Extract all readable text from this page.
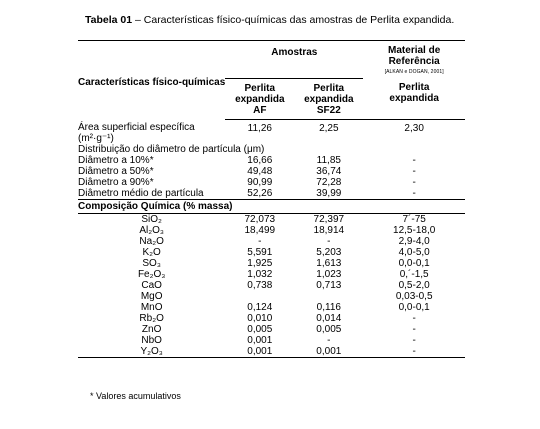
Tabela 01 – Características físico-químicas das amostras de Perlita expandida.
Características físico-químicas	Amostras		Material de Referência
[ALKAN e DOGAN, 2001]

	Perlita expandida AF	Perlita expandida SF22	Perlita expandida

Área superficial específica (m²·g⁻¹)	11,26	2,25	2,30
Distribuição do diâmetro de partícula (μm)			
Diâmetro a 10%*	16,66	11,85	-
Diâmetro a 50%*	49,48	36,74	-
Diâmetro a 90%*	90,99	72,28	-
Diâmetro médio de partícula	52,26	39,99	-
Composição Química (% massa)			
SiO₂	72,073	72,397	7´-75
Al₂O₃	18,499	18,914	12,5-18,0
Na₂O	-	-	2,9-4,0
K₂O	5,591	5,203	4,0-5,0
SO₃	1,925	1,613	0,0-0,1
Fe₂O₃	1,032	1,023	0,´-1,5
CaO	0,738	0,713	0,5-2,0
MgO			0,03-0,5
MnO	0,124	0,116	0,0-0,1
Rb₂O	0,010	0,014	-
ZnO	0,005	0,005	-
NbO	0,001	-	-
Y₂O₃	0,001	0,001	-
* Valores acumulativos
